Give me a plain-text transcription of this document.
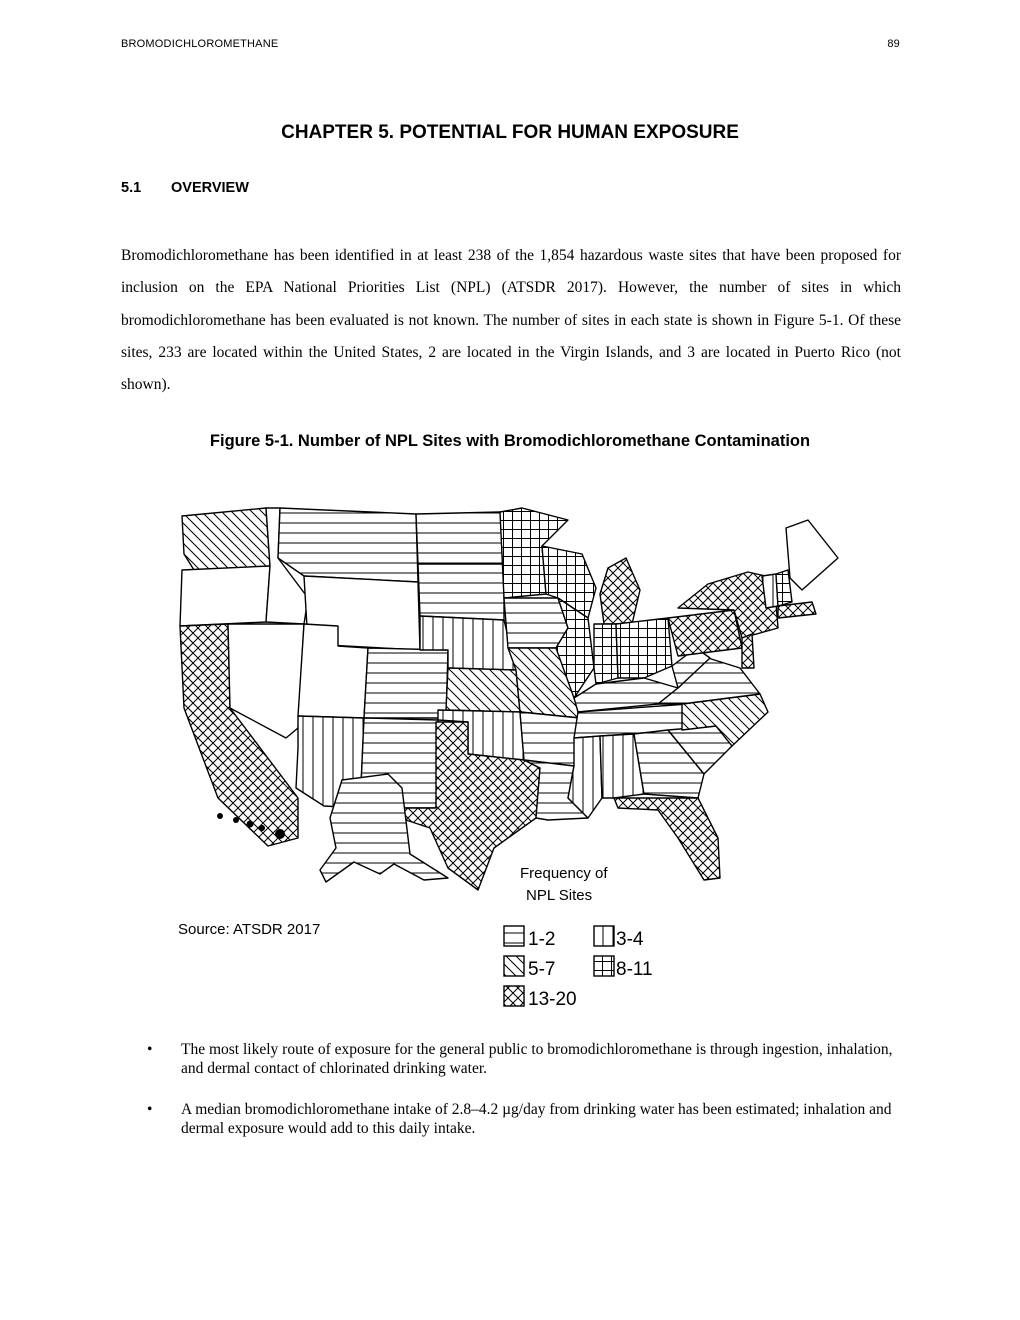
BROMODICHLOROMETHANE	89
CHAPTER 5. POTENTIAL FOR HUMAN EXPOSURE
5.1 OVERVIEW

Bromodichloromethane has been identified in at least 238 of the 1,854 hazardous waste sites that have been proposed for inclusion on the EPA National Priorities List (NPL) (ATSDR 2017). However, the number of sites in which bromodichloromethane has been evaluated is not known. The number of sites in each state is shown in Figure 5-1. Of these sites, 233 are located within the United States, 2 are located in the Virgin Islands, and 3 are located in Puerto Rico (not shown).

Figure 5-1. Number of NPL Sites with Bromodichloromethane Contamination
Source: ATSDR 2017
Frequency of
NPL Sites
1-2	3-4
5-7	8-11
13-20
• The most likely route of exposure for the general public to bromodichloromethane is through ingestion, inhalation, and dermal contact of chlorinated drinking water.
• A median bromodichloromethane intake of 2.8–4.2 µg/day from drinking water has been estimated; inhalation and dermal exposure would add to this daily intake.
